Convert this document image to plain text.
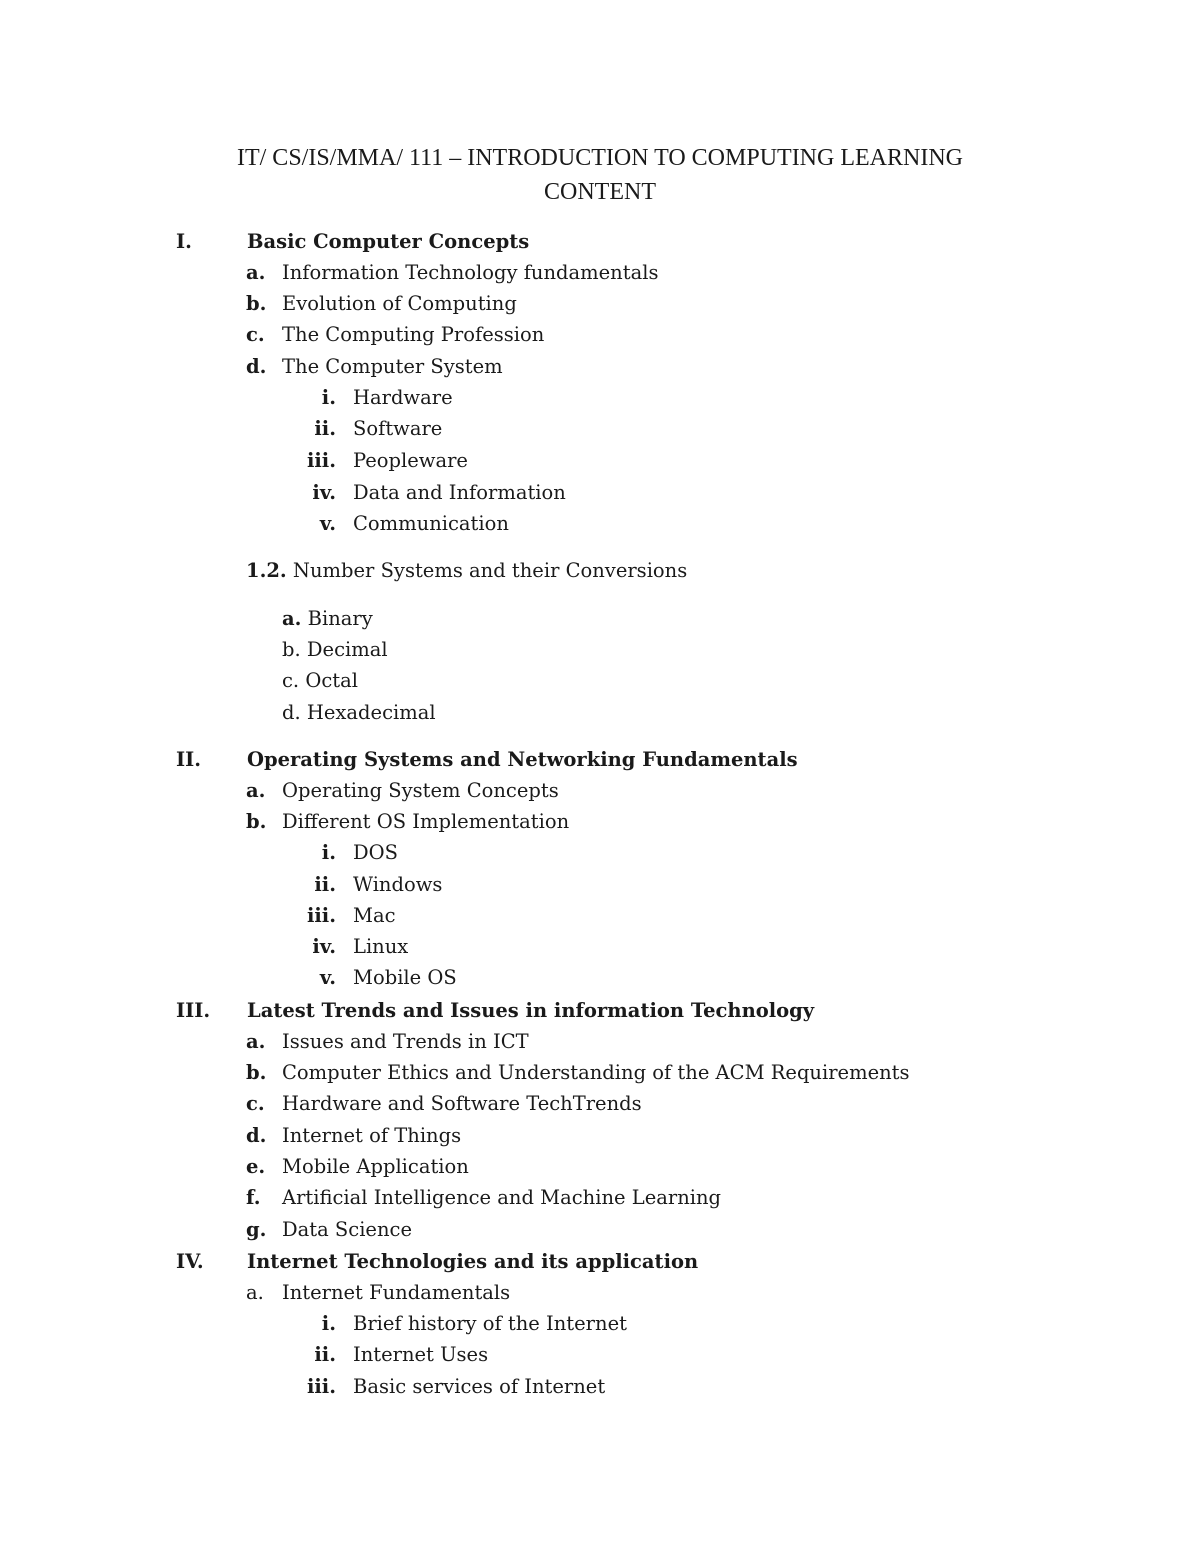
IT/ CS/IS/MMA/ 111 – INTRODUCTION TO COMPUTING LEARNING
CONTENT
I.	Basic Computer Concepts
a. Information Technology fundamentals
b. Evolution of Computing
c. The Computing Profession
d. The Computer System
i. Hardware
ii. Software
iii. Peopleware
iv. Data and Information
v. Communication
1.2. Number Systems and their Conversions
a. Binary
b. Decimal
c. Octal
d. Hexadecimal
II. Operating Systems and Networking Fundamentals
a. Operating System Concepts
b. Different OS Implementation
i. DOS
ii. Windows
iii. Mac
iv. Linux
v. Mobile OS
III. Latest Trends and Issues in information Technology
a. Issues and Trends in ICT
b. Computer Ethics and Understanding of the ACM Requirements
c. Hardware and Software TechTrends
d. Internet of Things
e. Mobile Application
f. Artificial Intelligence and Machine Learning
g. Data Science
IV. Internet Technologies and its application
a. Internet Fundamentals
i. Brief history of the Internet
ii. Internet Uses
iii. Basic services of Internet
